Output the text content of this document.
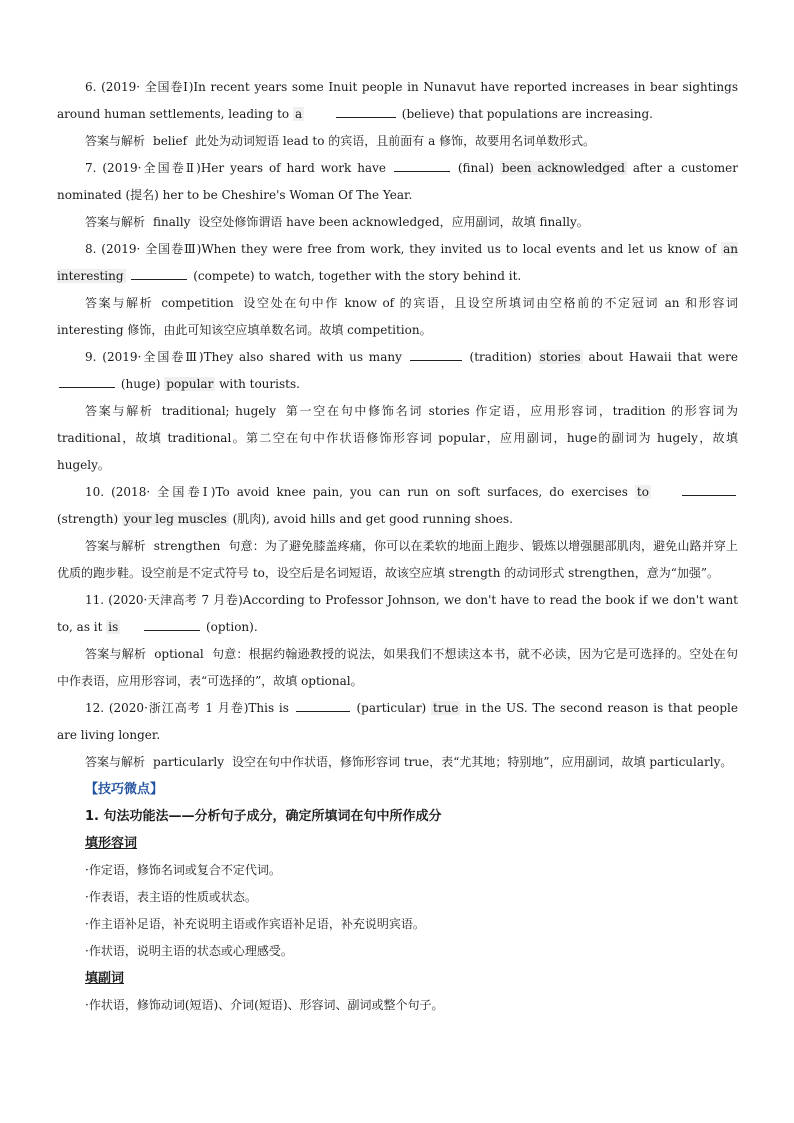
6. (2019· 全国卷Ⅰ)In recent years some Inuit people in Nunavut have reported increases in bear sightings around human settlements, leading to a	(believe) that populations are increasing.

答案与解析 belief 此处为动词短语 lead to 的宾语，且前面有 a 修饰，故要用名词单数形式。

7. (2019·全国卷Ⅱ)Her years of hard work have	(final) been acknowledged after a customer nominated (提名) her to be Cheshire's Woman Of The Year.

答案与解析 finally 设空处修饰谓语 have been acknowledged，应用副词，故填 finally。

8. (2019· 全国卷Ⅲ)When they were free from work, they invited us to local events and let us know of an interesting	(compete) to watch, together with the story behind it.

答案与解析 competition 设空处在句中作 know of 的宾语，且设空所填词由空格前的不定冠词 an 和形容词 interesting 修饰，由此可知该空应填单数名词。故填 competition。

9. (2019·全国卷Ⅲ)They also shared with us many	(tradition) stories about Hawaii that were  (huge) popular with tourists.

答案与解析 traditional; hugely 第一空在句中修饰名词 stories 作定语，应用形容词，tradition 的形容词为 traditional，故填 traditional。第二空在句中作状语修饰形容词 popular，应用副词，huge的副词为 hugely，故填 hugely。

10. (2018· 全国卷Ⅰ)To avoid knee pain, you can run on soft surfaces, do exercises to  (strength) your leg muscles (肌肉), avoid hills and get good running shoes.

答案与解析 strengthen 句意：为了避免膝盖疼痛，你可以在柔软的地面上跑步、锻炼以增强腿部肌肉，避免山路并穿上优质的跑步鞋。设空前是不定式符号 to，设空后是名词短语，故该空应填 strength 的动词形式 strengthen，意为“加强”。

11. (2020·天津高考 7 月卷)According to Professor Johnson, we don't have to read the book if we don't want to, as it is	(option).

答案与解析 optional 句意：根据约翰逊教授的说法，如果我们不想读这本书，就不必读，因为它是可选择的。空处在句中作表语，应用形容词，表“可选择的”，故填 optional。

12. (2020·浙江高考 1 月卷)This is	(particular) true in the US. The second reason is that people are living longer.

答案与解析 particularly 设空在句中作状语，修饰形容词 true，表“尤其地；特别地”，应用副词，故填 particularly。

【技巧微点】

1. 句法功能法——分析句子成分，确定所填词在句中所作成分

填形容词

·作定语，修饰名词或复合不定代词。

·作表语，表主语的性质或状态。

·作主语补足语，补充说明主语或作宾语补足语，补充说明宾语。

·作状语，说明主语的状态或心理感受。

填副词

·作状语，修饰动词(短语)、介词(短语)、形容词、副词或整个句子。
